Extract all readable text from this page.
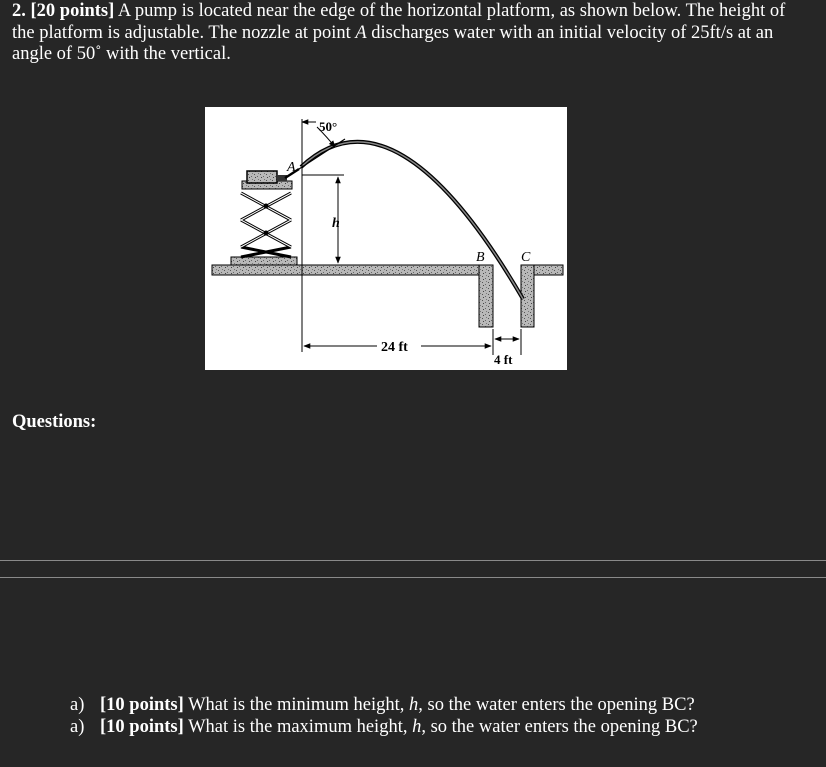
2. [20 points] A pump is located near the edge of the horizontal platform, as shown below. The height of the platform is adjustable. The nozzle at point A discharges water with an initial velocity of 25ft/s at an angle of 50˚ with the vertical.
50°
A
h
B	C
24 ft
4 ft
Questions:
a) [10 points] What is the minimum height, h, so the water enters the opening BC?
a) [10 points] What is the maximum height, h, so the water enters the opening BC?
